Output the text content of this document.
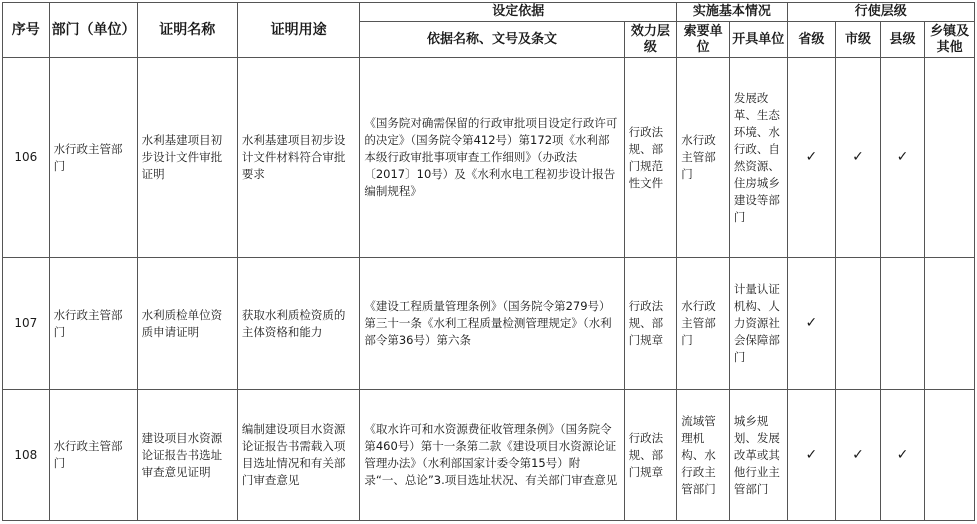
序号	部门（单位）	证明名称	证明用途	设定依据		实施基本情况		行使层级			
				依据名称、文号及条文	效力层级	索要单位	开具单位	省级	市级	县级	乡镇及其他
106	水行政主管部门	水利基建项目初步设计文件审批证明	水利基建项目初步设计文件材料符合审批要求	《国务院对确需保留的行政审批项目设定行政许可的决定》（国务院令第412号）第172项《水利部本级行政审批事项审查工作细则》（办政法〔2017〕10号）及《水利水电工程初步设计报告编制规程》	行政法规、部门规范性文件	水行政主管部门	发展改革、生态环境、水行政、自然资源、住房城乡建设等部门	✓	✓	✓	
107	水行政主管部门	水利质检单位资质申请证明	获取水利质检资质的主体资格和能力	《建设工程质量管理条例》（国务院令第279号）第三十一条《水利工程质量检测管理规定》（水利部令第36号）第六条	行政法规、部门规章	水行政主管部门	计量认证机构、人力资源社会保障部门	✓			
108	水行政主管部门	建设项目水资源论证报告书选址审查意见证明	编制建设项目水资源论证报告书需载入项目选址情况和有关部门审查意见	《取水许可和水资源费征收管理条例》（国务院令第460号）第十一条第二款《建设项目水资源论证管理办法》（水利部国家计委令第15号）附录“一、总论”3.项目选址状况、有关部门审查意见	行政法规、部门规章	流域管理机构、水行政主管部门	城乡规划、发展改革或其他行业主管部门	✓	✓	✓	
